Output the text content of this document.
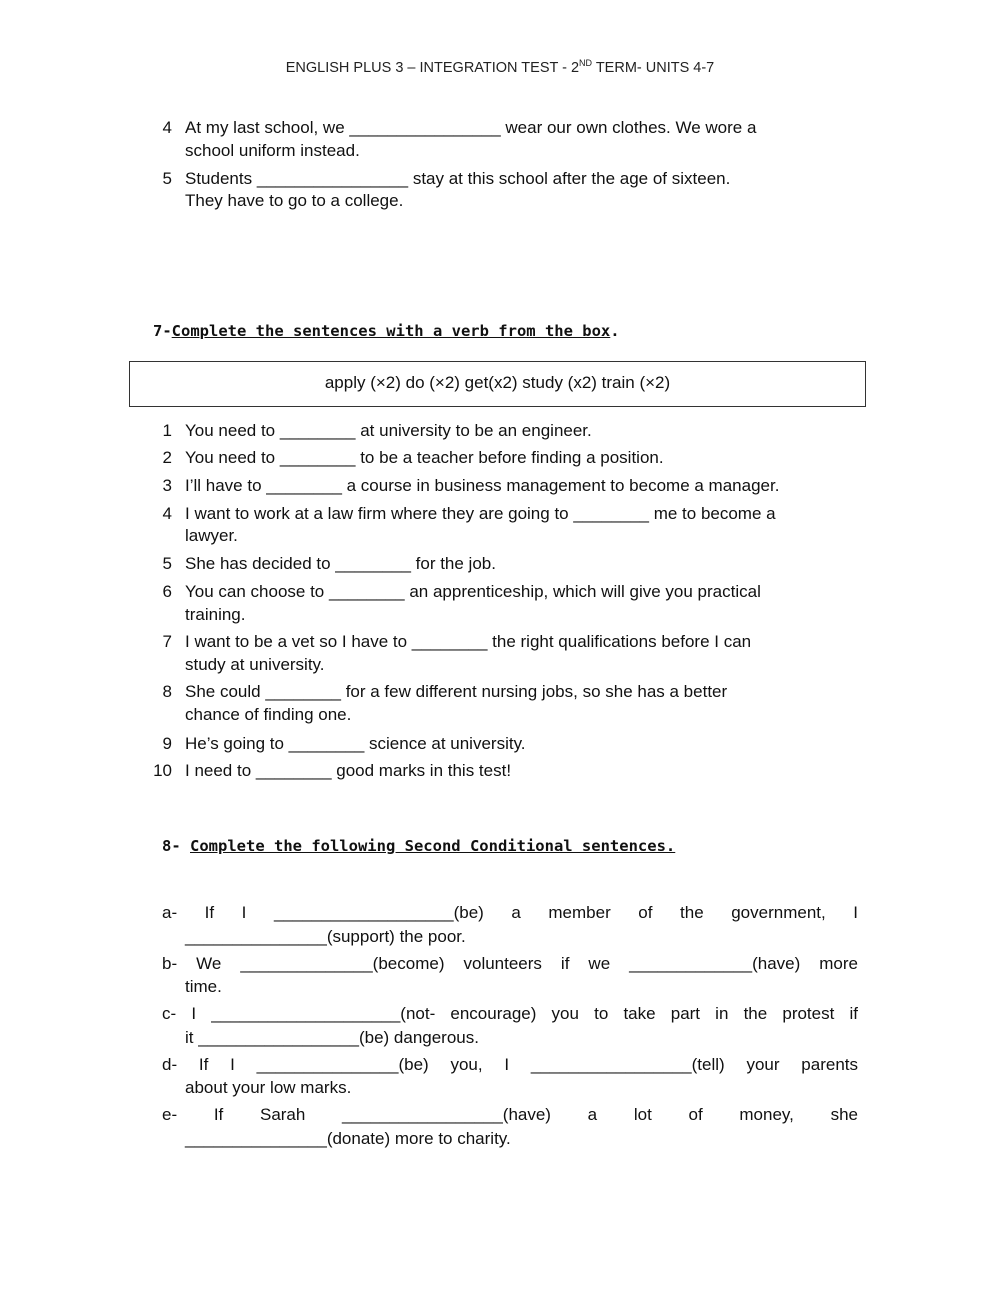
ENGLISH PLUS 3 – INTEGRATION TEST - 2ND TERM- UNITS 4-7
4 At my last school, we ________________ wear our own clothes. We wore a
school uniform instead.
5 Students ________________ stay at this school after the age of sixteen.
They have to go to a college.
7-Complete the sentences with a verb from the box.
apply (×2) do (×2) get(x2) study (x2) train (×2)
1 You need to ________ at university to be an engineer.
2 You need to ________ to be a teacher before finding a position.
3 I’ll have to ________ a course in business management to become a manager.
4 I want to work at a law firm where they are going to ________ me to become a
lawyer.
5 She has decided to ________ for the job.
6 You can choose to ________ an apprenticeship, which will give you practical
training.
7 I want to be a vet so I have to ________ the right qualifications before I can
study at university.
8 She could ________ for a few different nursing jobs, so she has a better
chance of finding one.
9 He’s going to ________ science at university.
10 I need to ________ good marks in this test!
8- Complete the following Second Conditional sentences.
a- If I ___________________(be) a member of the government, I
_______________(support) the poor.
b- We ______________(become) volunteers if we _____________(have) more
time.
c- I ____________________(not- encourage) you to take part in the protest if
it _________________(be) dangerous.
d- If I _______________(be) you, I _________________(tell) your parents
about your low marks.
e- If Sarah _________________(have) a lot of money, she
_______________(donate) more to charity.
